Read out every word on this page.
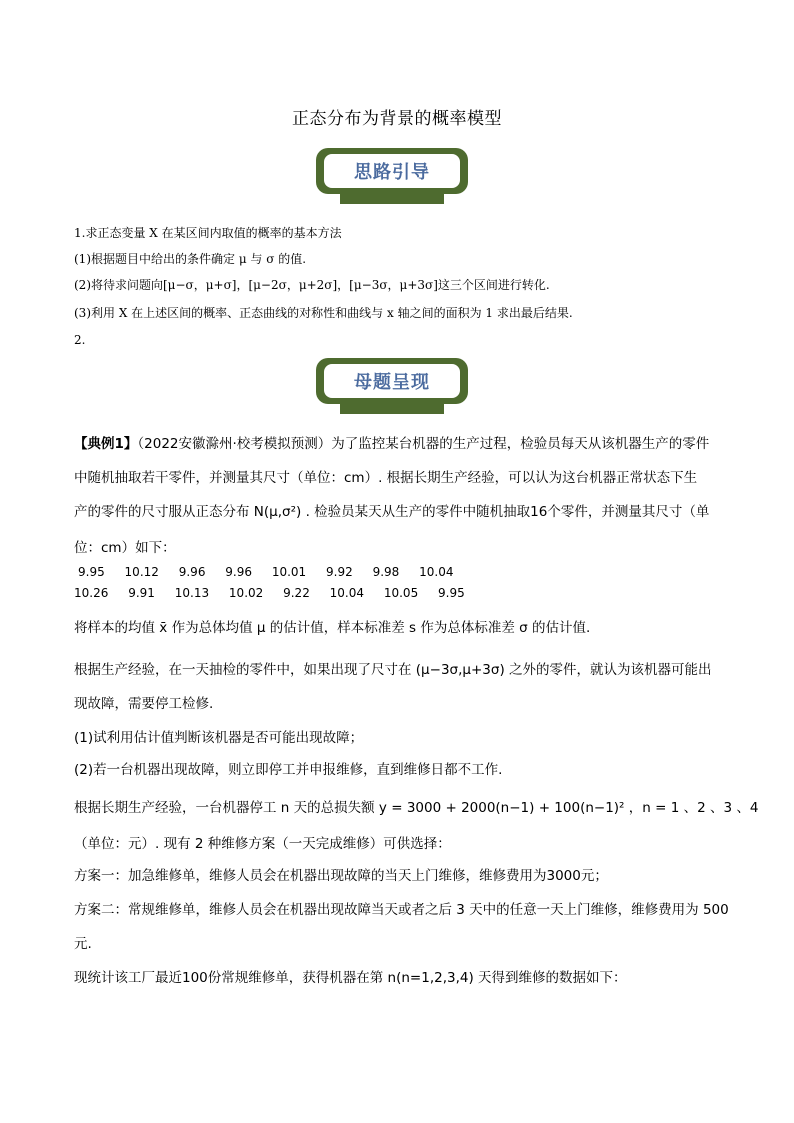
正态分布为背景的概率模型
思路引导
1.求正态变量 X 在某区间内取值的概率的基本方法
(1)根据题目中给出的条件确定 μ 与 σ 的值.
(2)将待求问题向[μ−σ，μ+σ]，[μ−2σ，μ+2σ]，[μ−3σ，μ+3σ]这三个区间进行转化.
(3)利用 X 在上述区间的概率、正态曲线的对称性和曲线与 x 轴之间的面积为 1 求出最后结果.
2.
母题呈现
【典例1】（2022安徽滁州·校考模拟预测）为了监控某台机器的生产过程，检验员每天从该机器生产的零件
中随机抽取若干零件，并测量其尺寸（单位：cm）. 根据长期生产经验，可以认为这台机器正常状态下生
产的零件的尺寸服从正态分布 N(μ,σ²) . 检验员某天从生产的零件中随机抽取16个零件，并测量其尺寸（单
位：cm）如下：
9.95 10.12 9.96 9.96 10.01 9.92 9.98 10.04
10.26 9.91 10.13 10.02 9.22 10.04 10.05 9.95
将样本的均值 x̄ 作为总体均值 μ 的估计值，样本标准差 s 作为总体标准差 σ 的估计值.
根据生产经验，在一天抽检的零件中，如果出现了尺寸在 (μ−3σ,μ+3σ) 之外的零件，就认为该机器可能出
现故障，需要停工检修.
(1)试利用估计值判断该机器是否可能出现故障；
(2)若一台机器出现故障，则立即停工并申报维修，直到维修日都不工作.
根据长期生产经验，一台机器停工 n 天的总损失额 y = 3000 + 2000(n−1) + 100(n−1)² ，n = 1 、2 、3 、4
（单位：元）. 现有 2 种维修方案（一天完成维修）可供选择：
方案一：加急维修单，维修人员会在机器出现故障的当天上门维修，维修费用为3000元；
方案二：常规维修单，维修人员会在机器出现故障当天或者之后 3 天中的任意一天上门维修，维修费用为 500
元.
现统计该工厂最近100份常规维修单，获得机器在第 n(n=1,2,3,4) 天得到维修的数据如下：
